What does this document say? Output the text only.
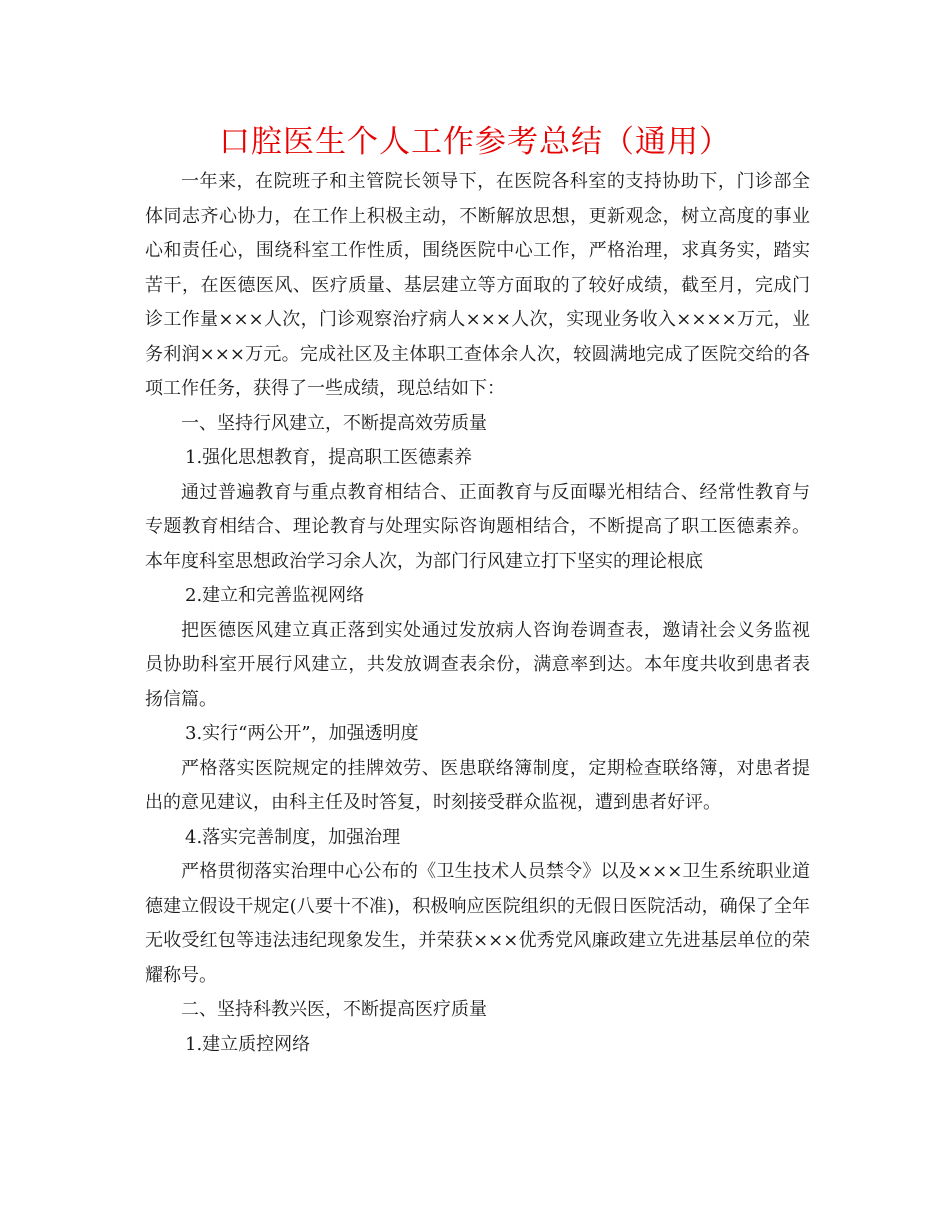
口腔医生个人工作参考总结（通用）

一年来，在院班子和主管院长领导下，在医院各科室的支持协助下，门诊部全体同志齐心协力，在工作上积极主动，不断解放思想，更新观念，树立高度的事业心和责任心，围绕科室工作性质，围绕医院中心工作，严格治理，求真务实，踏实苦干，在医德医风、医疗质量、基层建立等方面取的了较好成绩，截至月，完成门诊工作量×××人次，门诊观察治疗病人×××人次，实现业务收入××××万元，业务利润×××万元。完成社区及主体职工查体余人次，较圆满地完成了医院交给的各项工作任务，获得了一些成绩，现总结如下：

一、坚持行风建立，不断提高效劳质量

1.强化思想教育，提高职工医德素养

通过普遍教育与重点教育相结合、正面教育与反面曝光相结合、经常性教育与专题教育相结合、理论教育与处理实际咨询题相结合，不断提高了职工医德素养。本年度科室思想政治学习余人次，为部门行风建立打下坚实的理论根底

2.建立和完善监视网络

把医德医风建立真正落到实处通过发放病人咨询卷调查表，邀请社会义务监视员协助科室开展行风建立，共发放调查表余份，满意率到达。本年度共收到患者表扬信篇。

3.实行“两公开”，加强透明度

严格落实医院规定的挂牌效劳、医患联络簿制度，定期检查联络簿，对患者提出的意见建议，由科主任及时答复，时刻接受群众监视，遭到患者好评。

4.落实完善制度，加强治理

严格贯彻落实治理中心公布的《卫生技术人员禁令》以及×××卫生系统职业道德建立假设干规定(八要十不准)，积极响应医院组织的无假日医院活动，确保了全年无收受红包等违法违纪现象发生，并荣获×××优秀党风廉政建立先进基层单位的荣耀称号。

二、坚持科教兴医，不断提高医疗质量

1.建立质控网络
